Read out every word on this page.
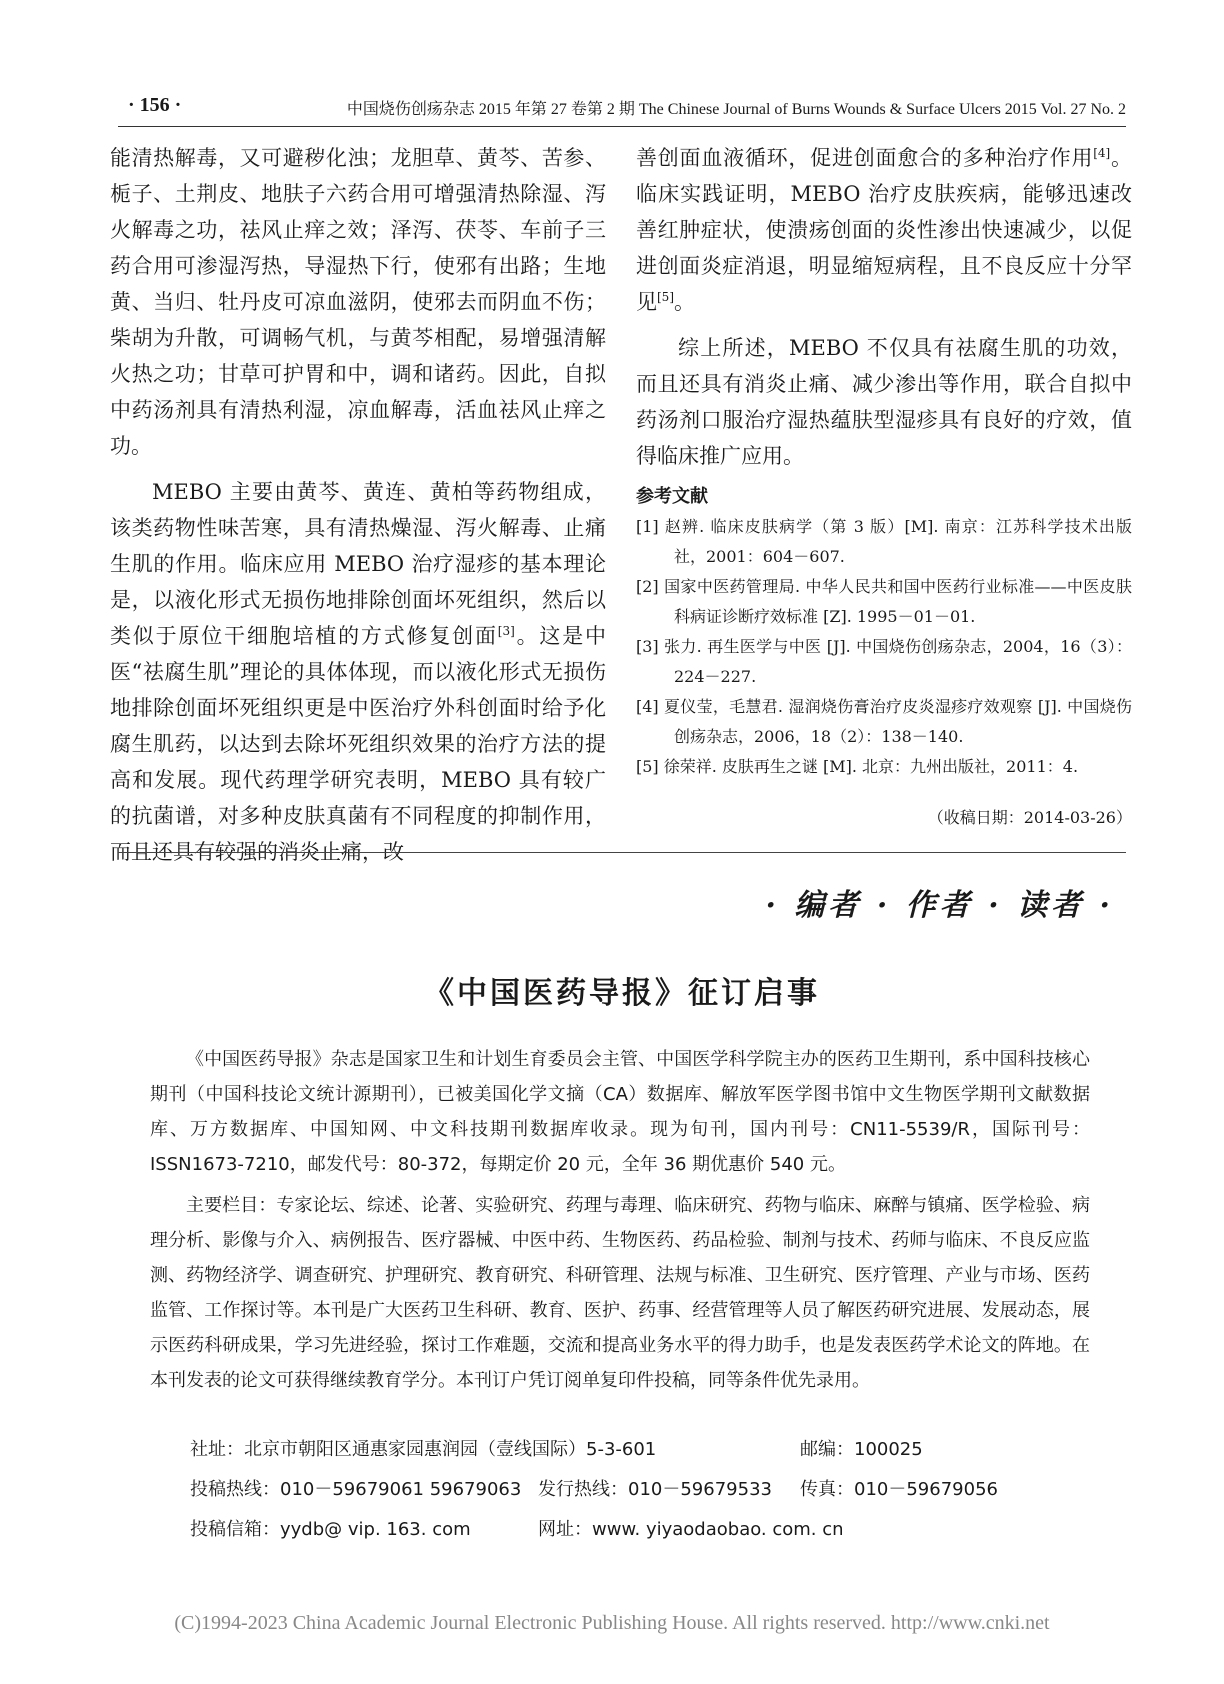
· 156 ·	中国烧伤创疡杂志 2015 年第 27 卷第 2 期 The Chinese Journal of Burns Wounds & Surface Ulcers 2015 Vol. 27 No. 2

能清热解毒，又可避秽化浊；龙胆草、黄芩、苦参、栀子、土荆皮、地肤子六药合用可增强清热除湿、泻火解毒之功，祛风止痒之效；泽泻、茯苓、车前子三药合用可渗湿泻热，导湿热下行，使邪有出路；生地黄、当归、牡丹皮可凉血滋阴，使邪去而阴血不伤；柴胡为升散，可调畅气机，与黄芩相配，易增强清解火热之功；甘草可护胃和中，调和诸药。因此，自拟中药汤剂具有清热利湿，凉血解毒，活血祛风止痒之功。

MEBO 主要由黄芩、黄连、黄柏等药物组成，该类药物性味苦寒，具有清热燥湿、泻火解毒、止痛生肌的作用。临床应用 MEBO 治疗湿疹的基本理论是，以液化形式无损伤地排除创面坏死组织，然后以类似于原位干细胞培植的方式修复创面[3]。这是中医“祛腐生肌”理论的具体体现，而以液化形式无损伤地排除创面坏死组织更是中医治疗外科创面时给予化腐生肌药，以达到去除坏死组织效果的治疗方法的提高和发展。现代药理学研究表明，MEBO 具有较广的抗菌谱，对多种皮肤真菌有不同程度的抑制作用，而且还具有较强的消炎止痛，改

善创面血液循环，促进创面愈合的多种治疗作用[4]。临床实践证明，MEBO 治疗皮肤疾病，能够迅速改善红肿症状，使溃疡创面的炎性渗出快速减少，以促进创面炎症消退，明显缩短病程，且不良反应十分罕见[5]。

综上所述，MEBO 不仅具有祛腐生肌的功效，而且还具有消炎止痛、减少渗出等作用，联合自拟中药汤剂口服治疗湿热蕴肤型湿疹具有良好的疗效，值得临床推广应用。

参考文献

[1] 赵辨. 临床皮肤病学（第 3 版）[M]. 南京：江苏科学技术出版社，2001：604－607.

[2] 国家中医药管理局. 中华人民共和国中医药行业标准——中医皮肤科病证诊断疗效标准 [Z]. 1995－01－01.

[3] 张力. 再生医学与中医 [J]. 中国烧伤创疡杂志，2004，16（3）：224－227.

[4] 夏仪莹，毛慧君. 湿润烧伤膏治疗皮炎湿疹疗效观察 [J]. 中国烧伤创疡杂志，2006，18（2）：138－140.

[5] 徐荣祥. 皮肤再生之谜 [M]. 北京：九州出版社，2011：4.

（收稿日期：2014-03-26）

· 编者 · 作者 · 读者 ·
《中国医药导报》征订启事

《中国医药导报》杂志是国家卫生和计划生育委员会主管、中国医学科学院主办的医药卫生期刊，系中国科技核心期刊（中国科技论文统计源期刊），已被美国化学文摘（CA）数据库、解放军医学图书馆中文生物医学期刊文献数据库、万方数据库、中国知网、中文科技期刊数据库收录。现为旬刊，国内刊号：CN11-5539/R，国际刊号：ISSN1673-7210，邮发代号：80-372，每期定价 20 元，全年 36 期优惠价 540 元。

主要栏目：专家论坛、综述、论著、实验研究、药理与毒理、临床研究、药物与临床、麻醉与镇痛、医学检验、病理分析、影像与介入、病例报告、医疗器械、中医中药、生物医药、药品检验、制剂与技术、药师与临床、不良反应监测、药物经济学、调查研究、护理研究、教育研究、科研管理、法规与标准、卫生研究、医疗管理、产业与市场、医药监管、工作探讨等。本刊是广大医药卫生科研、教育、医护、药事、经营管理等人员了解医药研究进展、发展动态，展示医药科研成果，学习先进经验，探讨工作难题，交流和提高业务水平的得力助手，也是发表医药学术论文的阵地。在本刊发表的论文可获得继续教育学分。本刊订户凭订阅单复印件投稿，同等条件优先录用。

社址：北京市朝阳区通惠家园惠润园（壹线国际）5-3-601	邮编：100025
投稿热线：010－59679061 59679063 发行热线：010－59679533 传真：010－59679056
投稿信箱：yydb@ vip. 163. com	网址：www. yiyaodaobao. com. cn
(C)1994-2023 China Academic Journal Electronic Publishing House. All rights reserved. http://www.cnki.net
